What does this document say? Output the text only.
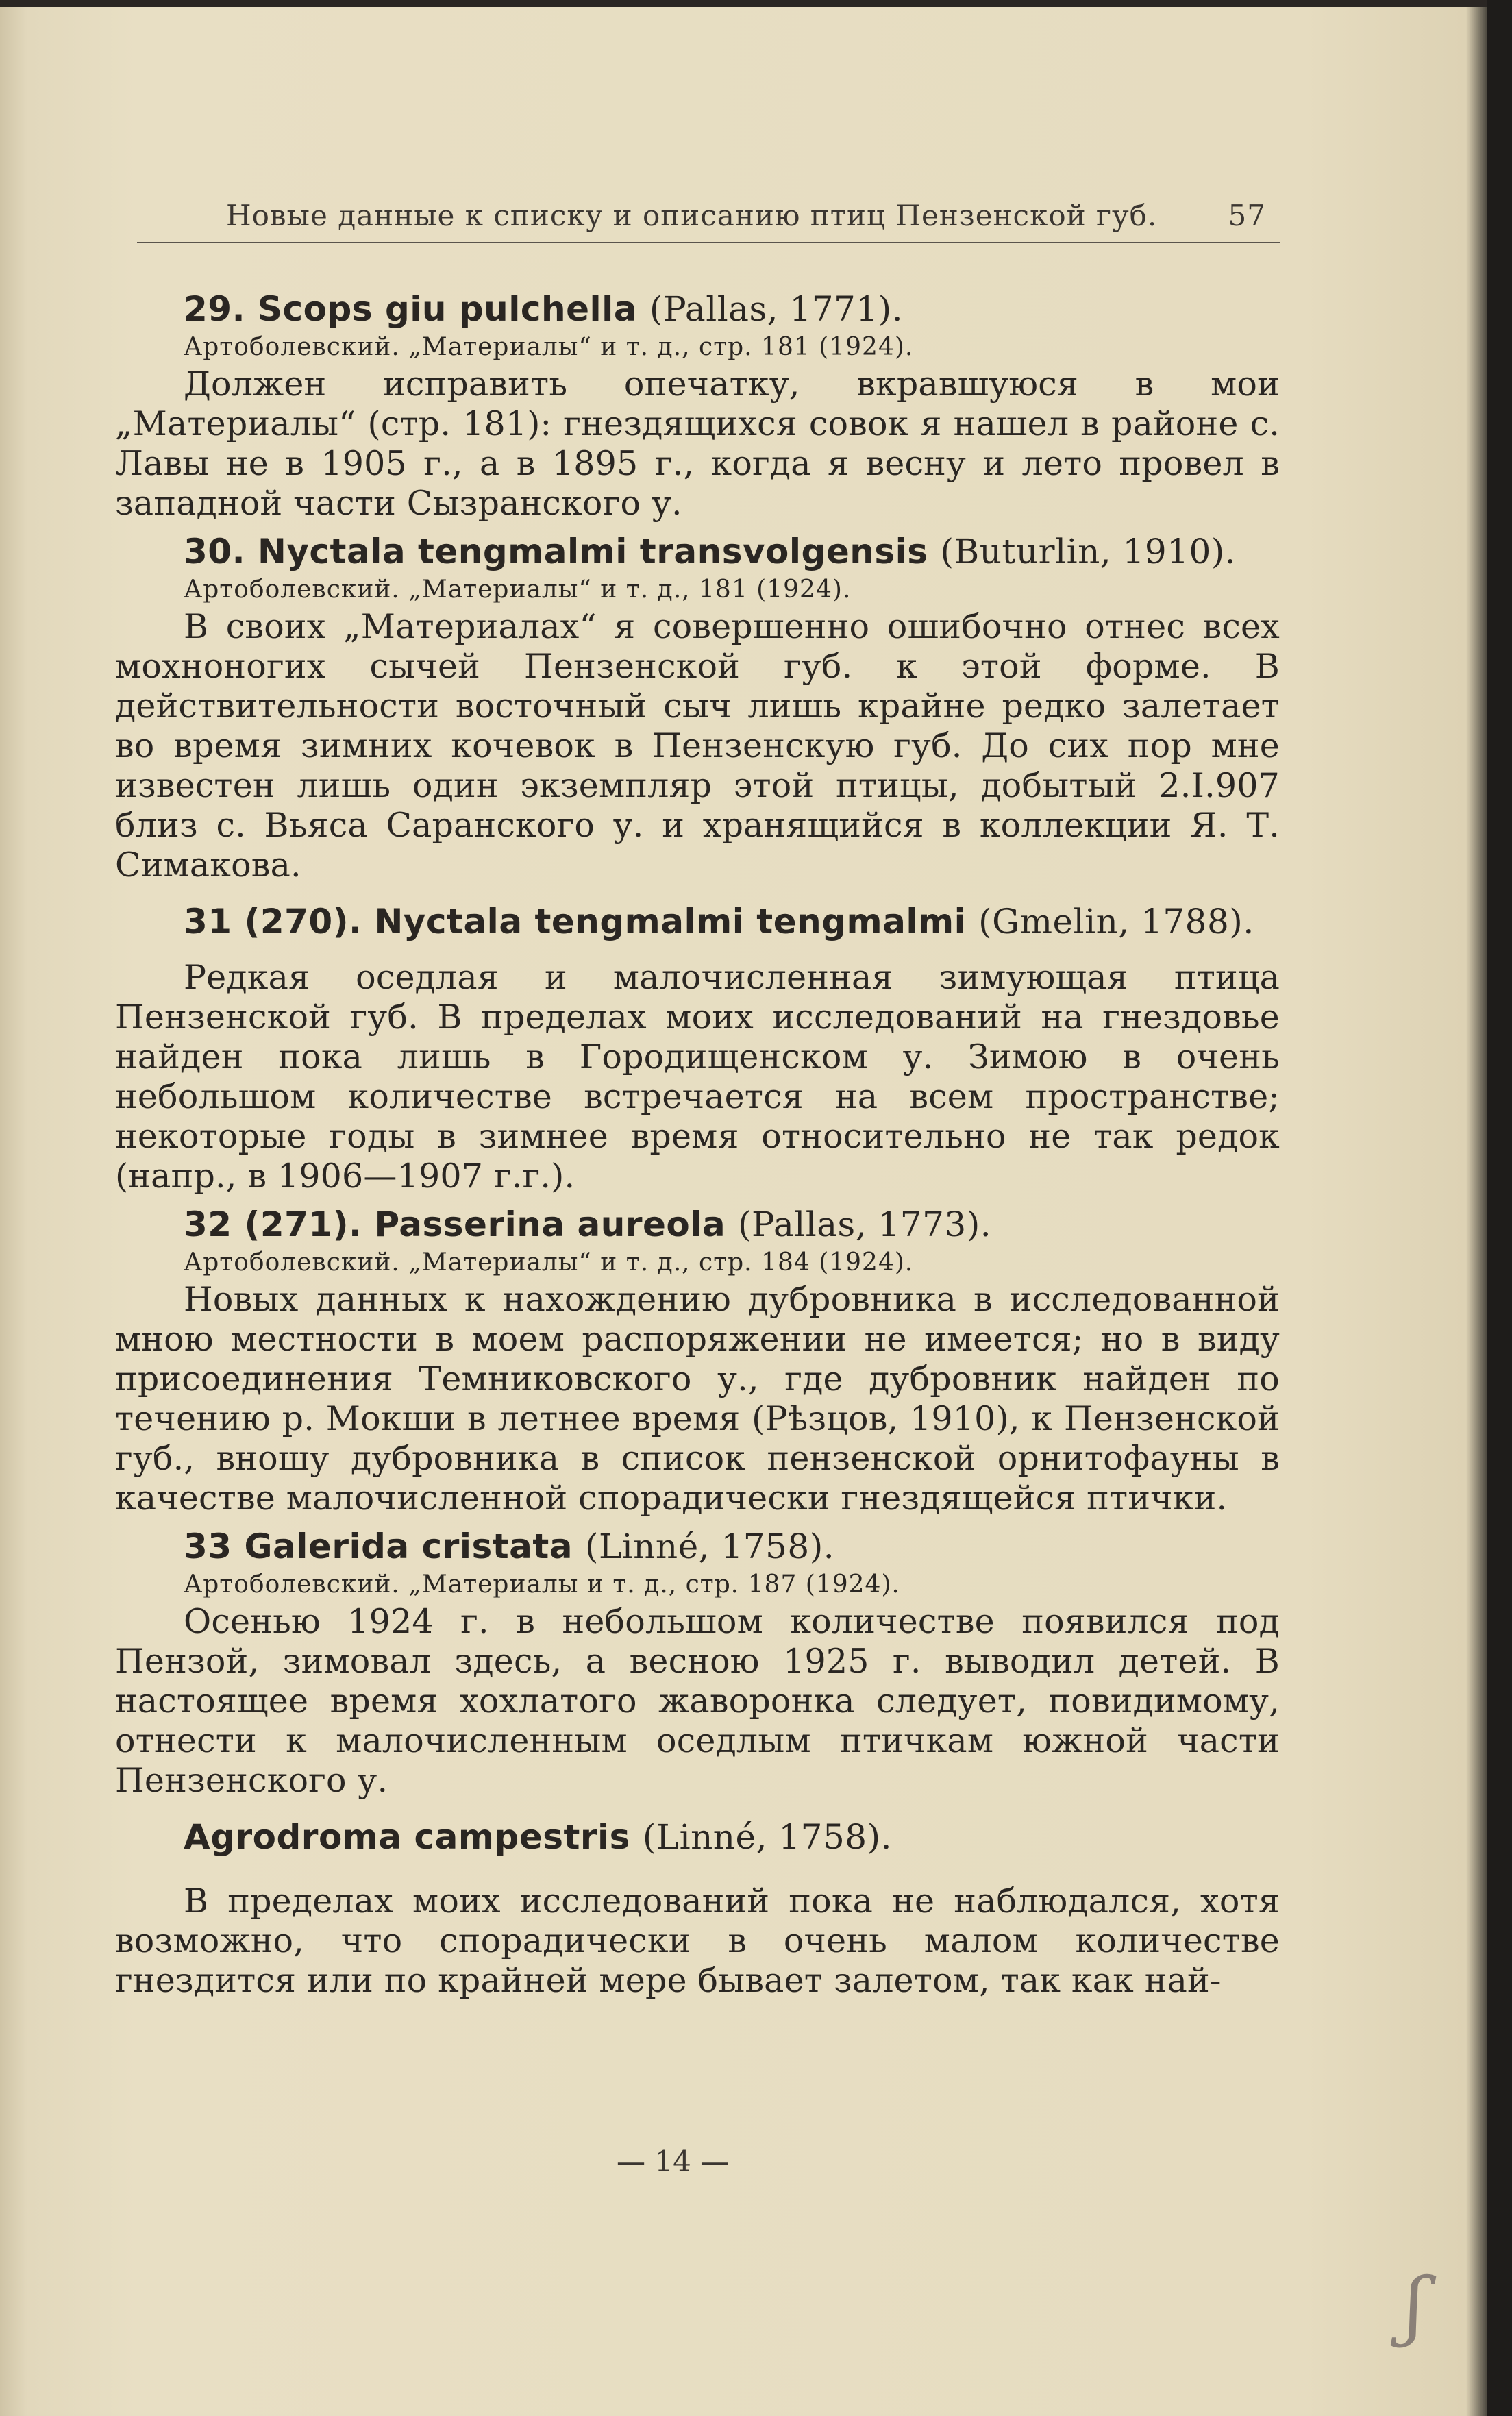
Новые данные к списку и описанию птиц Пензенской губ. 57

29. Scops giu pulchella (Pallas, 1771).
Артоболевский. „Материалы“ и т. д., стр. 181 (1924).
Должен исправить опечатку, вкравшуюся в мои „Материалы“ (стр. 181): гнездящихся совок я нашел в районе с. Лавы не в 1905 г., а в 1895 г., когда я весну и лето провел в западной части Сызранского у.
30. Nyctala tengmalmi transvolgensis (Buturlin, 1910).
Артоболевский. „Материалы“ и т. д., 181 (1924).
В своих „Материалах“ я совершенно ошибочно отнес всех мохноногих сычей Пензенской губ. к этой форме. В действительности восточный сыч лишь крайне редко залетает во время зимних кочевок в Пензенскую губ. До сих пор мне известен лишь один экземпляр этой птицы, добытый 2.I.907 близ с. Вьяса Саранского у. и хранящийся в коллекции Я. Т. Симакова.
31 (270). Nyctala tengmalmi tengmalmi (Gmelin, 1788).
Редкая оседлая и малочисленная зимующая птица Пензенской губ. В пределах моих исследований на гнездовье найден пока лишь в Городищенском у. Зимою в очень небольшом количестве встречается на всем пространстве; некоторые годы в зимнее время относительно не так редок (напр., в 1906—1907 г.г.).
32 (271). Passerina aureola (Pallas, 1773).
Артоболевский. „Материалы“ и т. д., стр. 184 (1924).
Новых данных к нахождению дубровника в исследованной мною местности в моем распоряжении не имеется; но в виду присоединения Темниковского у., где дубровник найден по течению р. Мокши в летнее время (Рѣзцов, 1910), к Пензенской губ., вношу дубровника в список пензенской орнитофауны в качестве малочисленной спорадически гнездящейся птички.
33 Galerida cristata (Linné, 1758).
Артоболевский. „Материалы и т. д., стр. 187 (1924).
Осенью 1924 г. в небольшом количестве появился под Пензой, зимовал здесь, а весною 1925 г. выводил детей. В настоящее время хохлатого жаворонка следует, повидимому, отнести к малочисленным оседлым птичкам южной части Пензенского у.
Agrodroma campestris (Linné, 1758).
В пределах моих исследований пока не наблюдался, хотя возможно, что спорадически в очень малом количестве гнездится или по крайней мере бывает залетом, так как най-
— 14 —
ʃ
